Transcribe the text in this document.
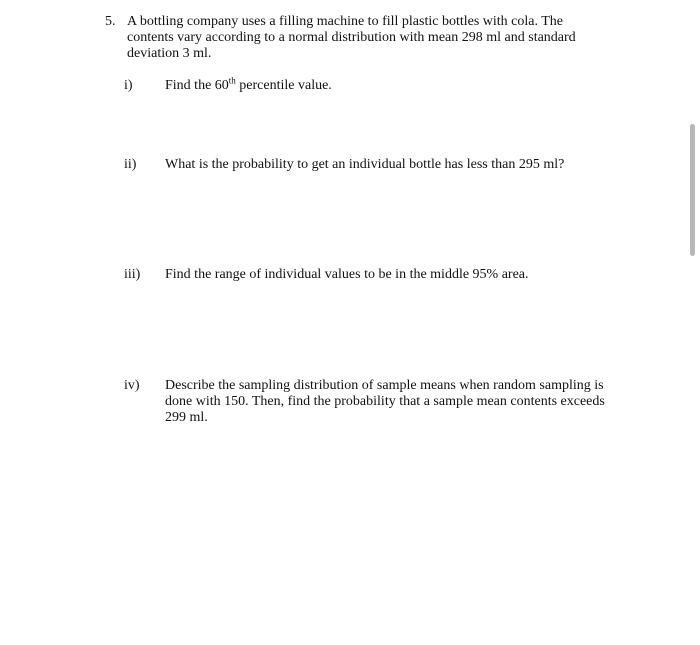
5. A bottling company uses a filling machine to fill plastic bottles with cola. The contents vary according to a normal distribution with mean 298 ml and standard deviation 3 ml.
i)	Find the 60th percentile value.
ii)	What is the probability to get an individual bottle has less than 295 ml?
iii)	Find the range of individual values to be in the middle 95% area.
iv)	Describe the sampling distribution of sample means when random sampling is done with 150. Then, find the probability that a sample mean contents exceeds 299 ml.
